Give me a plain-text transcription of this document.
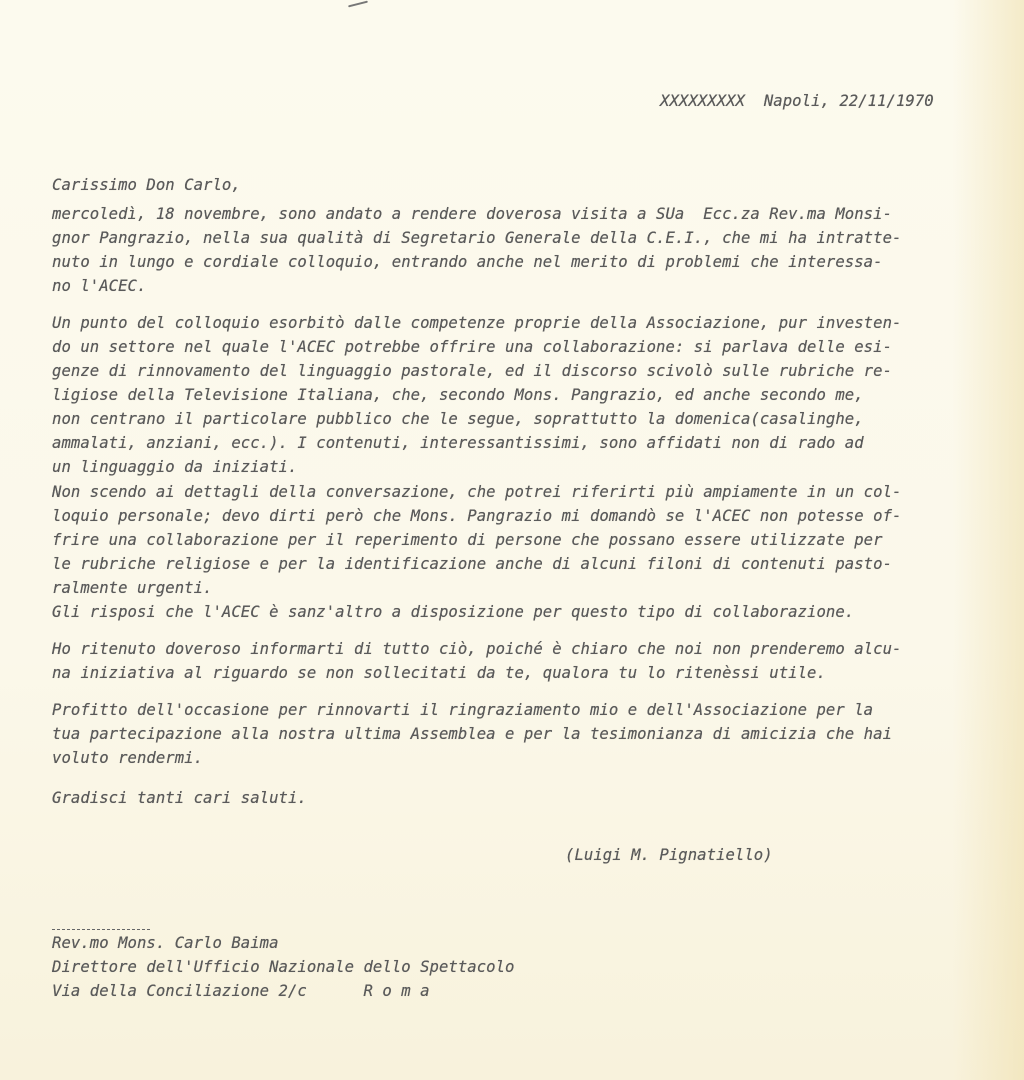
XXXXXXXXX  Napoli, 22/11/1970
Carissimo Don Carlo,
mercoledì, 18 novembre, sono andato a rendere doverosa visita a SUa  Ecc.za Rev.ma Monsi-
gnor Pangrazio, nella sua qualità di Segretario Generale della C.E.I., che mi ha intratte-
nuto in lungo e cordiale colloquio, entrando anche nel merito di problemi che interessa-
no l'ACEC.
Un punto del colloquio esorbitò dalle competenze proprie della Associazione, pur investen-
do un settore nel quale l'ACEC potrebbe offrire una collaborazione: si parlava delle esi-
genze di rinnovamento del linguaggio pastorale, ed il discorso scivolò sulle rubriche re-
ligiose della Televisione Italiana, che, secondo Mons. Pangrazio, ed anche secondo me,
non centrano il particolare pubblico che le segue, soprattutto la domenica(casalinghe,
ammalati, anziani, ecc.). I contenuti, interessantissimi, sono affidati non di rado ad
un linguaggio da iniziati.
Non scendo ai dettagli della conversazione, che potrei riferirti più ampiamente in un col-
loquio personale; devo dirti però che Mons. Pangrazio mi domandò se l'ACEC non potesse of-
frire una collaborazione per il reperimento di persone che possano essere utilizzate per
le rubriche religiose e per la identificazione anche di alcuni filoni di contenuti pasto-
ralmente urgenti.
Gli risposi che l'ACEC è sanz'altro a disposizione per questo tipo di collaborazione.
Ho ritenuto doveroso informarti di tutto ciò, poiché è chiaro che noi non prenderemo alcu-
na iniziativa al riguardo se non sollecitati da te, qualora tu lo ritenèssi utile.
Profitto dell'occasione per rinnovarti il ringraziamento mio e dell'Associazione per la
tua partecipazione alla nostra ultima Assemblea e per la tesimonianza di amicizia che hai
voluto rendermi.
Gradisci tanti cari saluti.
(Luigi M. Pignatiello)
Rev.mo Mons. Carlo Baima
Direttore dell'Ufficio Nazionale dello Spettacolo
Via della Conciliazione 2/c      R o m a
